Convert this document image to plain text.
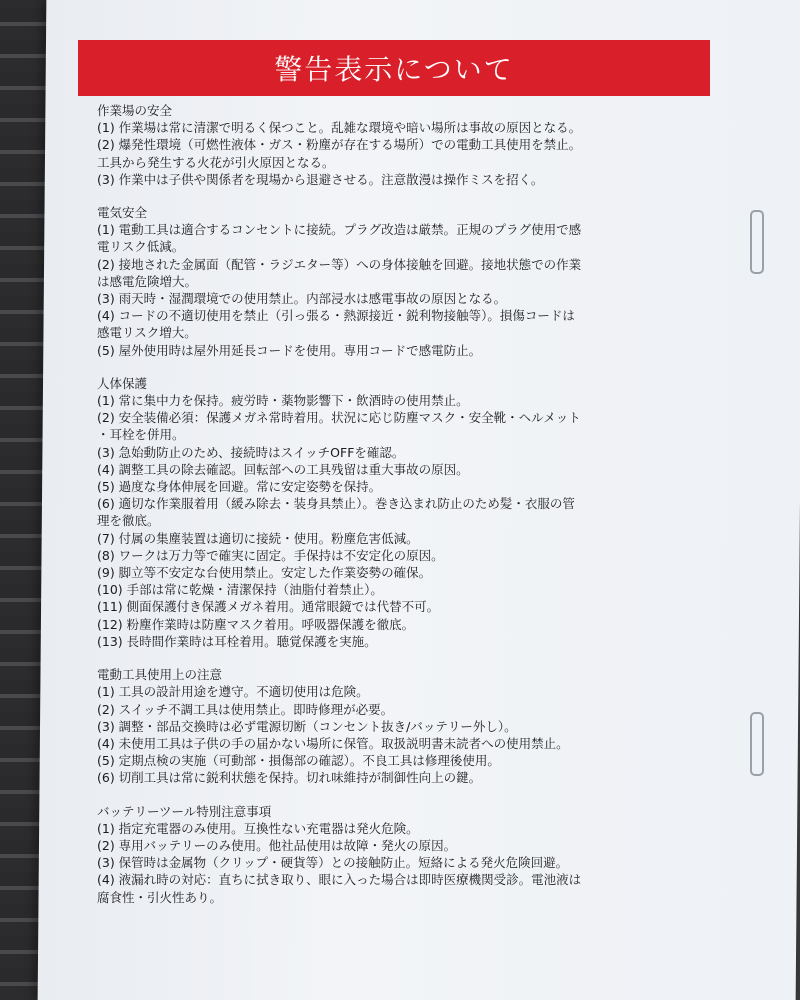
警告表示について

作業場の安全

(1) 作業場は常に清潔で明るく保つこと。乱雑な環境や暗い場所は事故の原因となる。

(2) 爆発性環境（可燃性液体・ガス・粉塵が存在する場所）での電動工具使用を禁止。

工具から発生する火花が引火原因となる。

(3) 作業中は子供や関係者を現場から退避させる。注意散漫は操作ミスを招く。

電気安全

(1) 電動工具は適合するコンセントに接続。プラグ改造は厳禁。正規のプラグ使用で感

電リスク低減。

(2) 接地された金属面（配管・ラジエター等）への身体接触を回避。接地状態での作業

は感電危険増大。

(3) 雨天時・湿潤環境での使用禁止。内部浸水は感電事故の原因となる。

(4) コードの不適切使用を禁止（引っ張る・熱源接近・鋭利物接触等）。損傷コードは

感電リスク増大。

(5) 屋外使用時は屋外用延長コードを使用。専用コードで感電防止。

人体保護

(1) 常に集中力を保持。疲労時・薬物影響下・飲酒時の使用禁止。

(2) 安全装備必須：保護メガネ常時着用。状況に応じ防塵マスク・安全靴・ヘルメット

・耳栓を併用。

(3) 急始動防止のため、接続時はスイッチOFFを確認。

(4) 調整工具の除去確認。回転部への工具残留は重大事故の原因。

(5) 過度な身体伸展を回避。常に安定姿勢を保持。

(6) 適切な作業服着用（緩み除去・装身具禁止）。巻き込まれ防止のため髪・衣服の管

理を徹底。

(7) 付属の集塵装置は適切に接続・使用。粉塵危害低減。

(8) ワークは万力等で確実に固定。手保持は不安定化の原因。

(9) 脚立等不安定な台使用禁止。安定した作業姿勢の確保。

(10) 手部は常に乾燥・清潔保持（油脂付着禁止）。

(11) 側面保護付き保護メガネ着用。通常眼鏡では代替不可。

(12) 粉塵作業時は防塵マスク着用。呼吸器保護を徹底。

(13) 長時間作業時は耳栓着用。聴覚保護を実施。

電動工具使用上の注意

(1) 工具の設計用途を遵守。不適切使用は危険。

(2) スイッチ不調工具は使用禁止。即時修理が必要。

(3) 調整・部品交換時は必ず電源切断（コンセント抜き/バッテリー外し）。

(4) 未使用工具は子供の手の届かない場所に保管。取扱説明書未読者への使用禁止。

(5) 定期点検の実施（可動部・損傷部の確認）。不良工具は修理後使用。

(6) 切削工具は常に鋭利状態を保持。切れ味維持が制御性向上の鍵。

バッテリーツール特別注意事項

(1) 指定充電器のみ使用。互換性ない充電器は発火危険。

(2) 専用バッテリーのみ使用。他社品使用は故障・発火の原因。

(3) 保管時は金属物（クリップ・硬貨等）との接触防止。短絡による発火危険回避。

(4) 液漏れ時の対応：直ちに拭き取り、眼に入った場合は即時医療機関受診。電池液は

腐食性・引火性あり。
